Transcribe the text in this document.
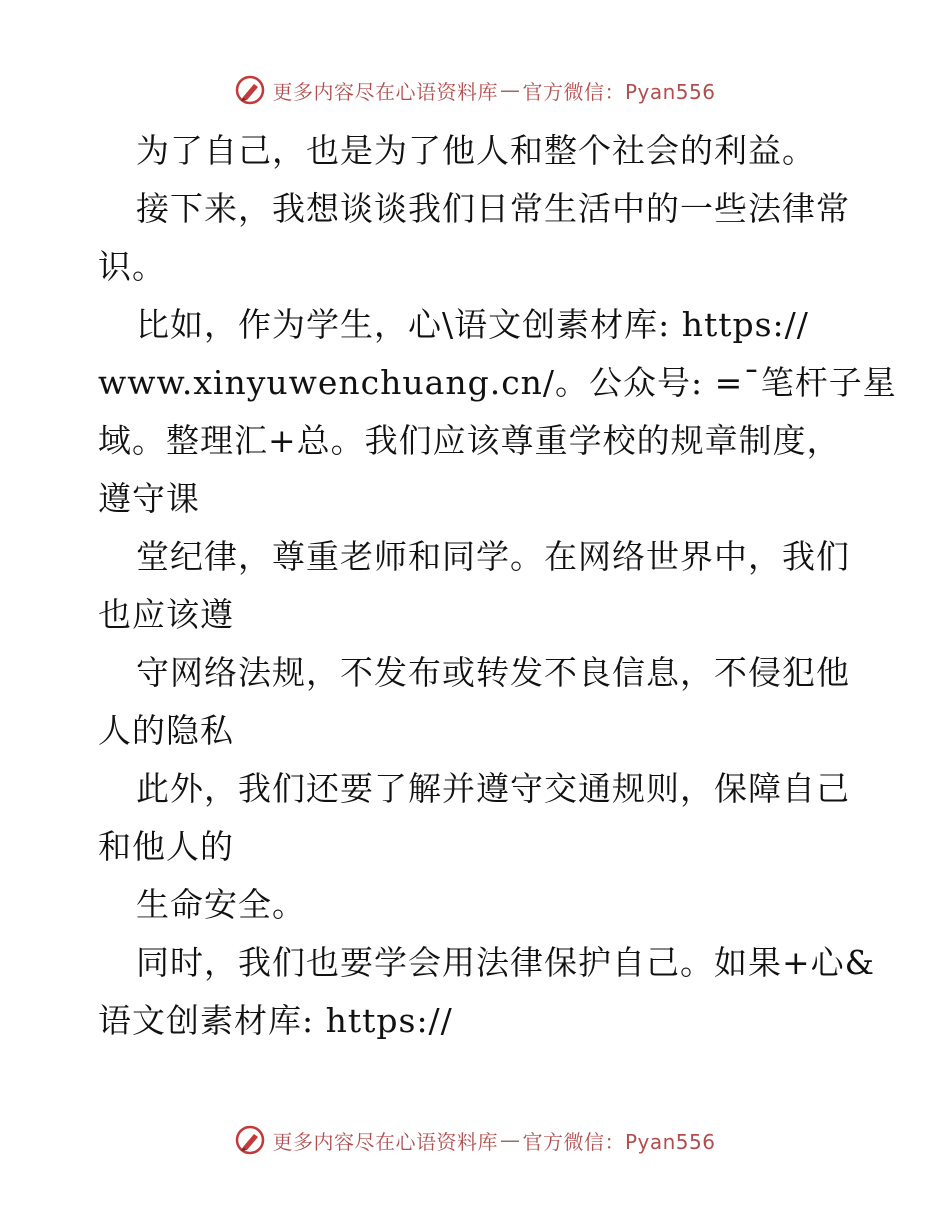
更多内容尽在心语资料库 — 官方微信：Pyan556
为了自己，也是为了他人和整个社会的利益。
接下来，我想谈谈我们日常生活中的一些法律常
识。
比如，作为学生，心\语文创素材库: https://
www.xinyuwenchuang.cn/。公众号: =¯笔杆子星
域。整理汇+总。我们应该尊重学校的规章制度，
遵守课
堂纪律，尊重老师和同学。在网络世界中，我们
也应该遵
守网络法规，不发布或转发不良信息，不侵犯他
人的隐私
此外，我们还要了解并遵守交通规则，保障自己
和他人的
生命安全。
同时，我们也要学会用法律保护自己。如果+心&
语文创素材库: https://
更多内容尽在心语资料库 — 官方微信：Pyan556
